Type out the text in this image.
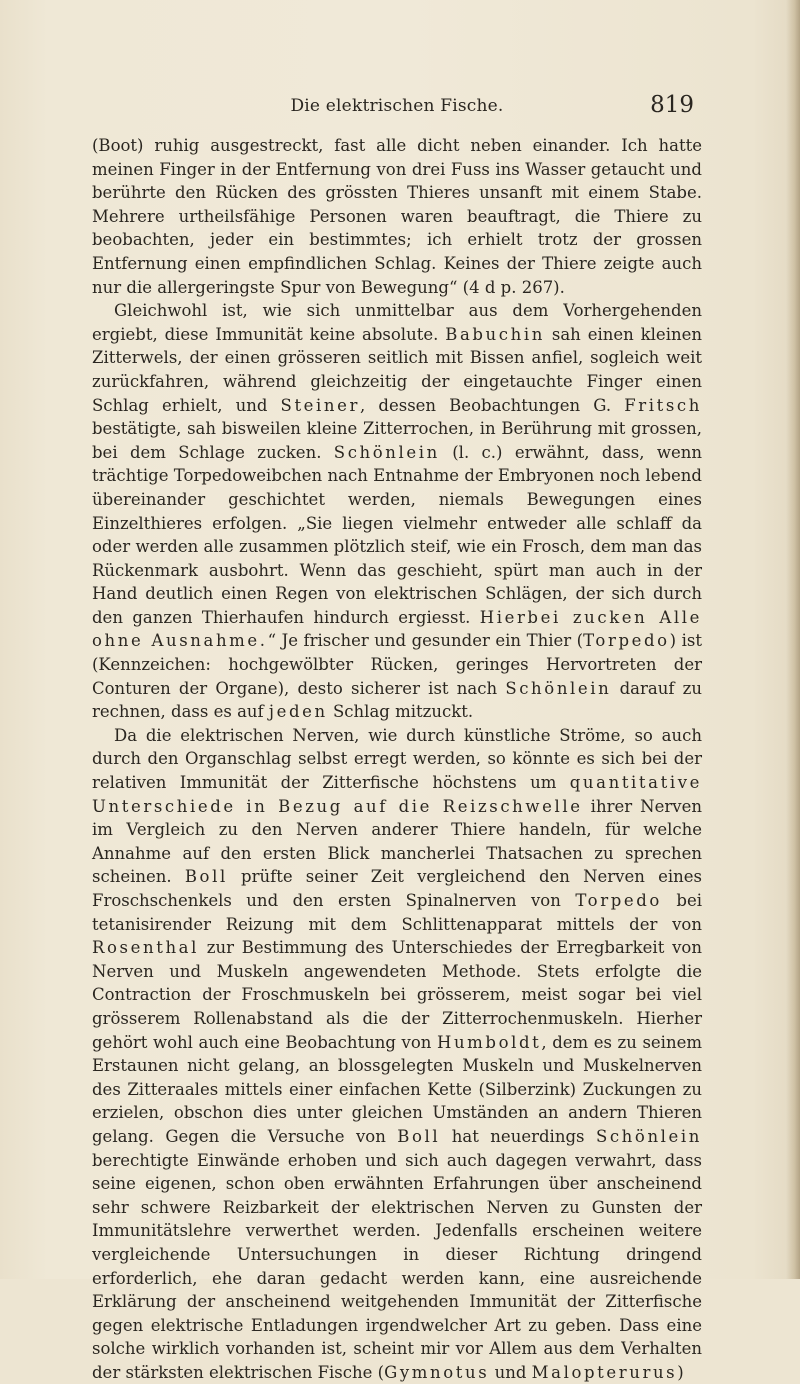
Die elektrischen Fische.	819

(Boot) ruhig ausgestreckt, fast alle dicht neben einander. Ich hatte meinen Finger in der Entfernung von drei Fuss ins Wasser getaucht und berührte den Rücken des grössten Thieres unsanft mit einem Stabe. Mehrere urtheilsfähige Personen waren beauftragt, die Thiere zu beobachten, jeder ein bestimmtes; ich erhielt trotz der grossen Entfernung einen empfindlichen Schlag. Keines der Thiere zeigte auch nur die allergeringste Spur von Bewegung“ (4 d p. 267).

Gleichwohl ist, wie sich unmittelbar aus dem Vorhergehenden ergiebt, diese Immunität keine absolute. Babuchin sah einen kleinen Zitterwels, der einen grösseren seitlich mit Bissen anfiel, sogleich weit zurückfahren, während gleichzeitig der eingetauchte Finger einen Schlag erhielt, und Steiner, dessen Beobachtungen G. Fritsch bestätigte, sah bisweilen kleine Zitterrochen, in Berührung mit grossen, bei dem Schlage zucken. Schönlein (l. c.) erwähnt, dass, wenn trächtige Torpedoweibchen nach Entnahme der Embryonen noch lebend übereinander geschichtet werden, niemals Bewegungen eines Einzelthieres erfolgen. „Sie liegen vielmehr entweder alle schlaff da oder werden alle zusammen plötzlich steif, wie ein Frosch, dem man das Rückenmark ausbohrt. Wenn das geschieht, spürt man auch in der Hand deutlich einen Regen von elektrischen Schlägen, der sich durch den ganzen Thierhaufen hindurch ergiesst. Hierbei zucken Alle ohne Ausnahme.“ Je frischer und gesunder ein Thier (Torpedo) ist (Kennzeichen: hochgewölbter Rücken, geringes Hervortreten der Conturen der Organe), desto sicherer ist nach Schönlein darauf zu rechnen, dass es auf jeden Schlag mitzuckt.

Da die elektrischen Nerven, wie durch künstliche Ströme, so auch durch den Organschlag selbst erregt werden, so könnte es sich bei der relativen Immunität der Zitterfische höchstens um quantitative Unterschiede in Bezug auf die Reizschwelle ihrer Nerven im Vergleich zu den Nerven anderer Thiere handeln, für welche Annahme auf den ersten Blick mancherlei Thatsachen zu sprechen scheinen. Boll prüfte seiner Zeit vergleichend den Nerven eines Froschschenkels und den ersten Spinalnerven von Torpedo bei tetanisirender Reizung mit dem Schlittenapparat mittels der von Rosenthal zur Bestimmung des Unterschiedes der Erregbarkeit von Nerven und Muskeln angewendeten Methode. Stets erfolgte die Contraction der Froschmuskeln bei grösserem, meist sogar bei viel grösserem Rollenabstand als die der Zitterrochenmuskeln. Hierher gehört wohl auch eine Beobachtung von Humboldt, dem es zu seinem Erstaunen nicht gelang, an blossgelegten Muskeln und Muskelnerven des Zitteraales mittels einer einfachen Kette (Silberzink) Zuckungen zu erzielen, obschon dies unter gleichen Umständen an andern Thieren gelang. Gegen die Versuche von Boll hat neuerdings Schönlein berechtigte Einwände erhoben und sich auch dagegen verwahrt, dass seine eigenen, schon oben erwähnten Erfahrungen über anscheinend sehr schwere Reizbarkeit der elektrischen Nerven zu Gunsten der Immunitätslehre verwerthet werden. Jedenfalls erscheinen weitere vergleichende Untersuchungen in dieser Richtung dringend erforderlich, ehe daran gedacht werden kann, eine ausreichende Erklärung der anscheinend weitgehenden Immunität der Zitterfische gegen elektrische Entladungen irgendwelcher Art zu geben. Dass eine solche wirklich vorhanden ist, scheint mir vor Allem aus dem Verhalten der stärksten elektrischen Fische (Gymnotus und Malopterurus)
